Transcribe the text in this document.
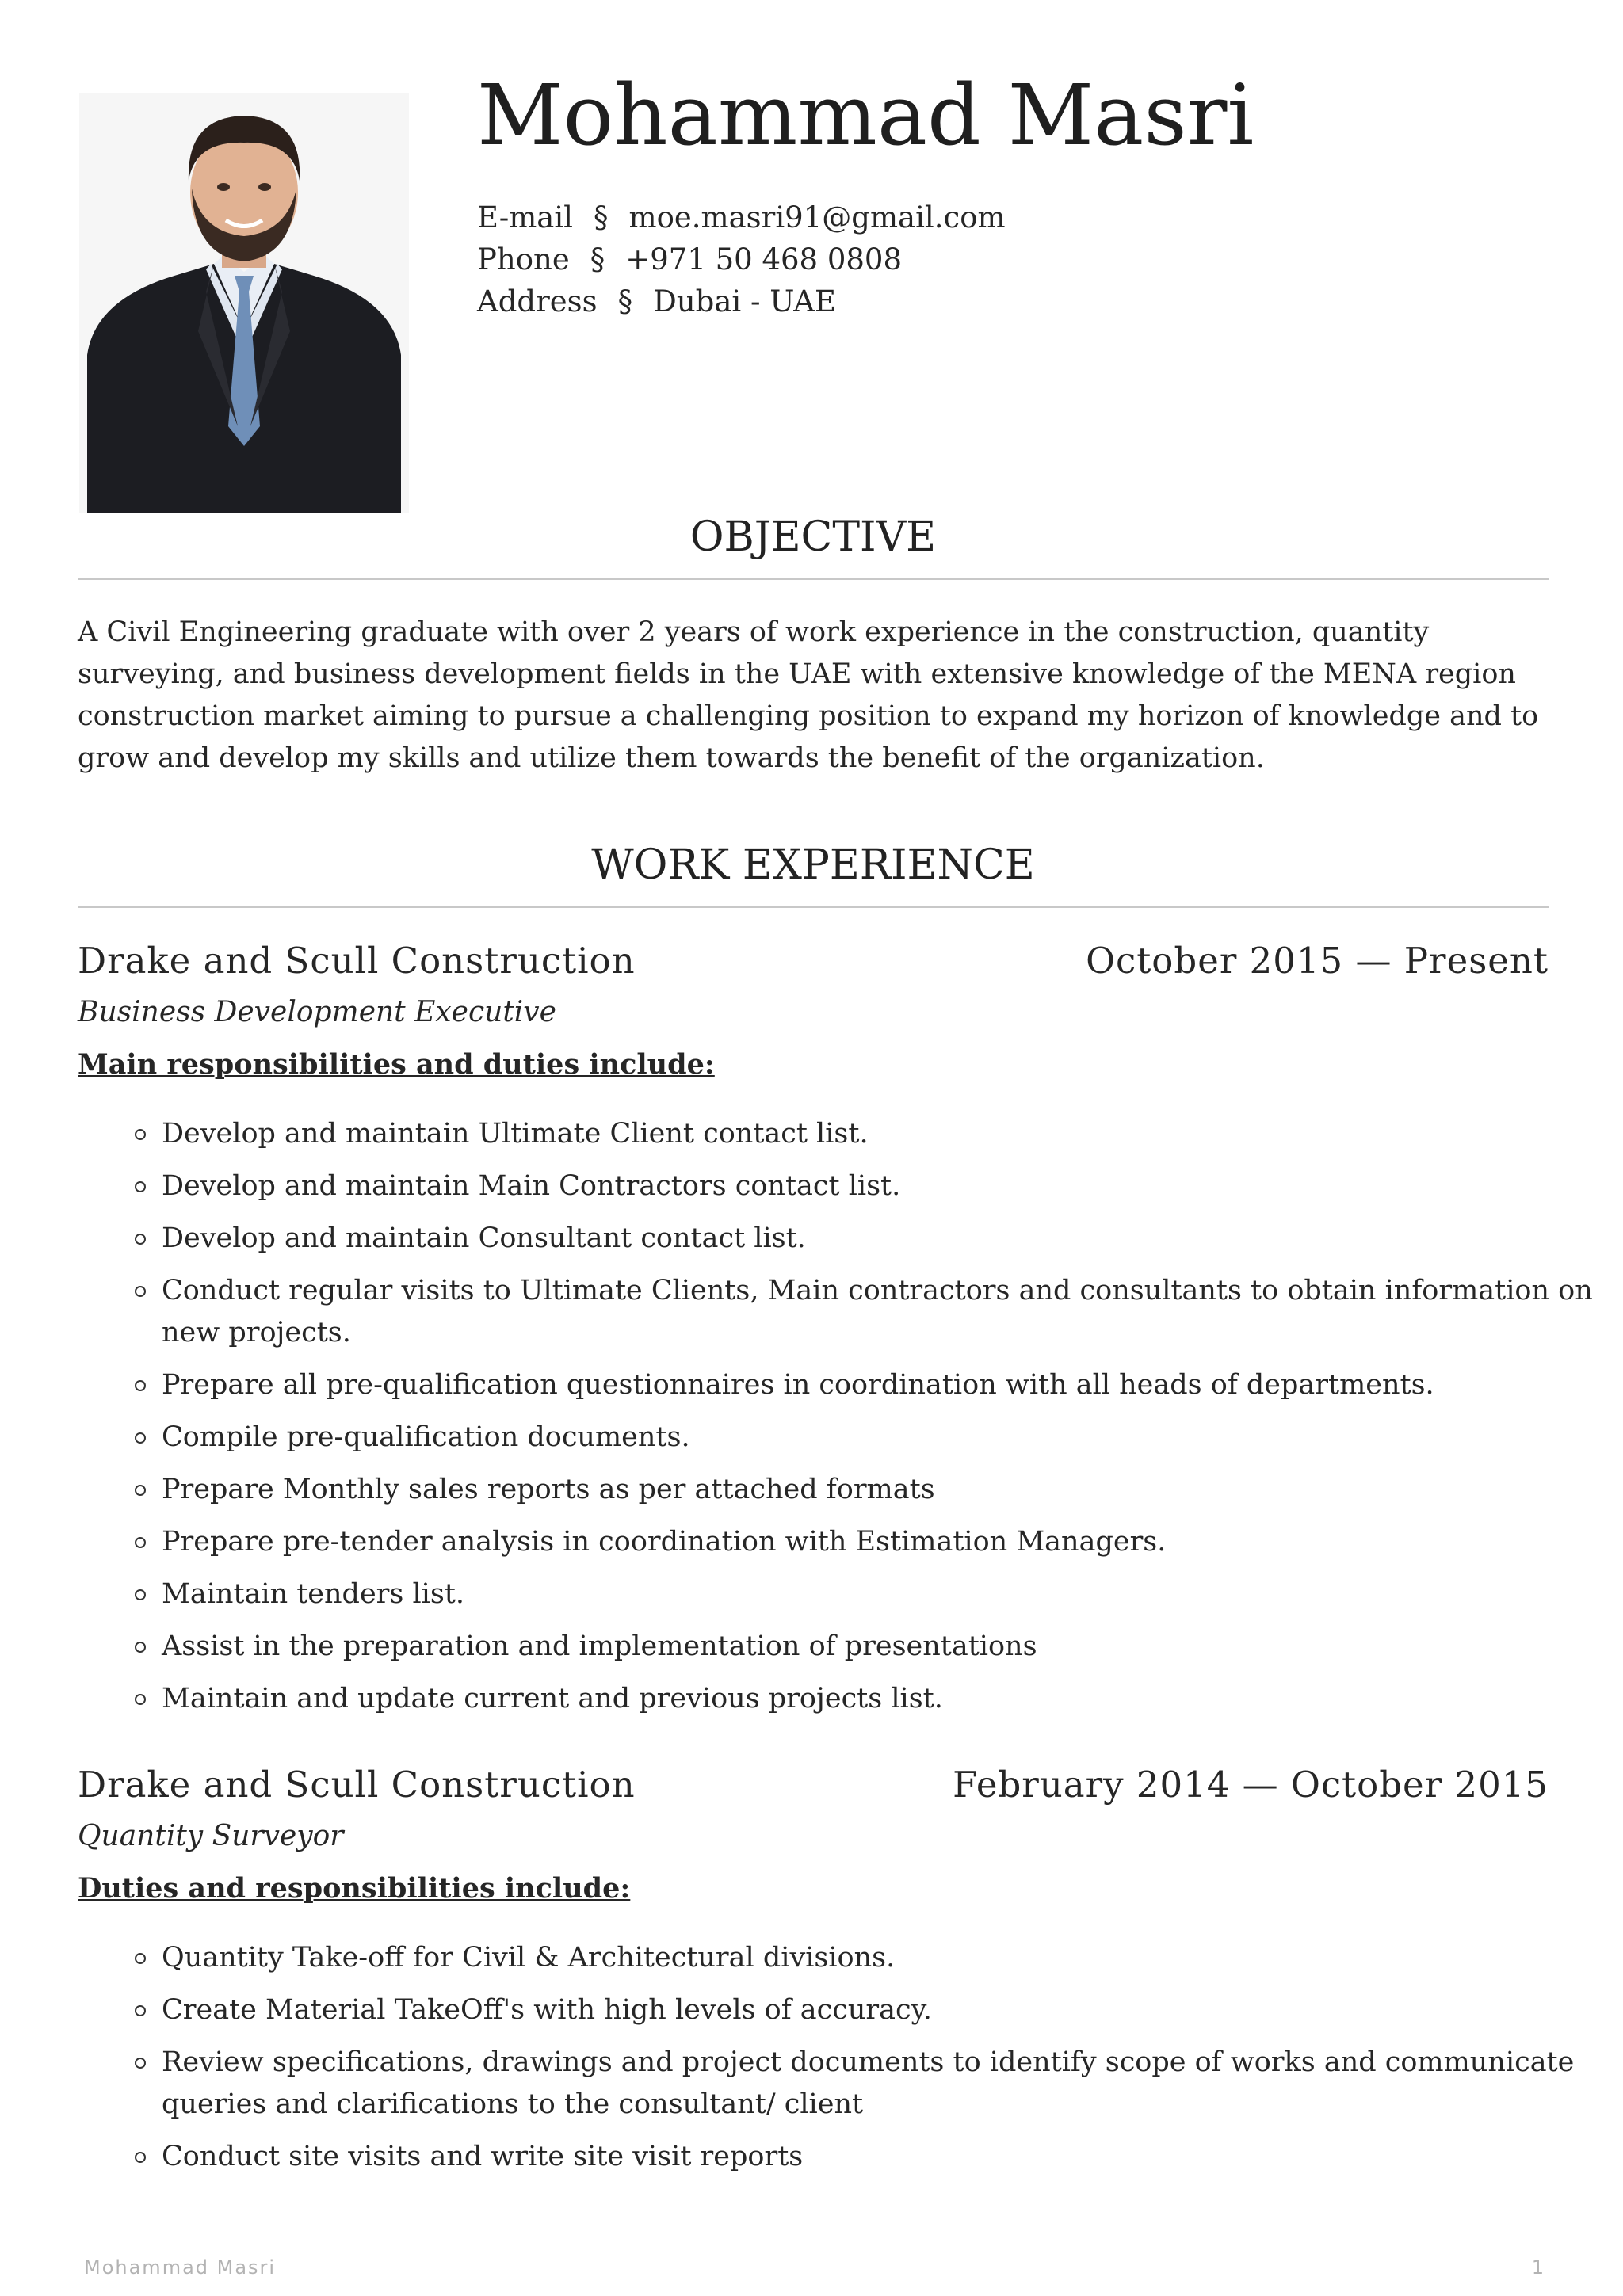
Mohammad Masri
E-mail § moe.masri91@gmail.com
Phone § +971 50 468 0808
Address § Dubai - UAE
OBJECTIVE
A Civil Engineering graduate with over 2 years of work experience in the construction, quantity surveying, and business development fields in the UAE with extensive knowledge of the MENA region construction market aiming to pursue a challenging position to expand my horizon of knowledge and to grow and develop my skills and utilize them towards the benefit of the organization.
WORK EXPERIENCE
Drake and Scull Construction	October 2015 — Present
Business Development Executive
Main responsibilities and duties include:
Develop and maintain Ultimate Client contact list.
Develop and maintain Main Contractors contact list.
Develop and maintain Consultant contact list.
Conduct regular visits to Ultimate Clients, Main contractors and consultants to obtain information on new projects.
Prepare all pre-qualification questionnaires in coordination with all heads of departments.
Compile pre-qualification documents.
Prepare Monthly sales reports as per attached formats
Prepare pre-tender analysis in coordination with Estimation Managers.
Maintain tenders list.
Assist in the preparation and implementation of presentations
Maintain and update current and previous projects list.
Drake and Scull Construction	February 2014 — October 2015
Quantity Surveyor
Duties and responsibilities include:
Quantity Take-off for Civil & Architectural divisions.
Create Material TakeOff's with high levels of accuracy.
Review specifications, drawings and project documents to identify scope of works and communicate queries and clarifications to the consultant/ client
Conduct site visits and write site visit reports
Mohammad Masri	1
